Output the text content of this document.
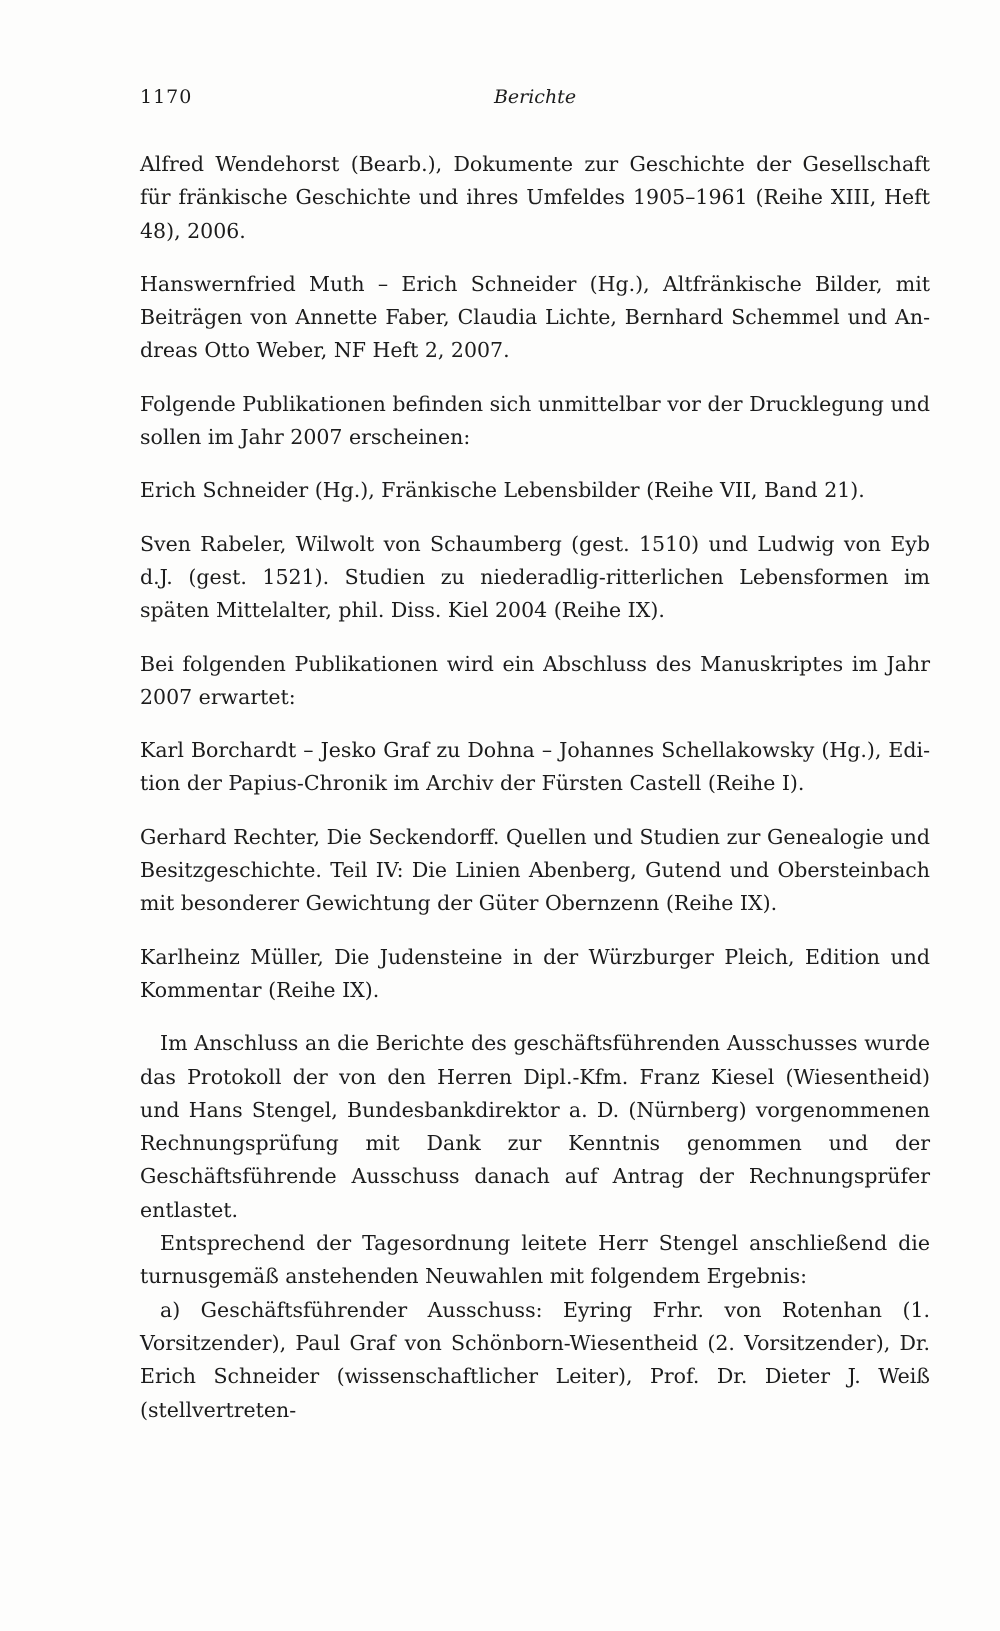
1170	Berichte

Alfred Wendehorst (Bearb.), Dokumente zur Geschichte der Gesellschaft für fränkische Geschichte und ihres Umfeldes 1905–1961 (Reihe XIII, Heft 48), 2006.

Hanswernfried Muth – Erich Schneider (Hg.), Altfränkische Bilder, mit Beiträgen von Annette Faber, Claudia Lichte, Bernhard Schemmel und Andreas Otto Weber, NF Heft 2, 2007.

Folgende Publikationen befinden sich unmittelbar vor der Drucklegung und sollen im Jahr 2007 erscheinen:

Erich Schneider (Hg.), Fränkische Lebensbilder (Reihe VII, Band 21).

Sven Rabeler, Wilwolt von Schaumberg (gest. 1510) und Ludwig von Eyb d.J. (gest. 1521). Studien zu niederadlig-ritterlichen Lebensformen im späten Mittelalter, phil. Diss. Kiel 2004 (Reihe IX).

Bei folgenden Publikationen wird ein Abschluss des Manuskriptes im Jahr 2007 erwartet:

Karl Borchardt – Jesko Graf zu Dohna – Johannes Schellakowsky (Hg.), Edition der Papius-Chronik im Archiv der Fürsten Castell (Reihe I).

Gerhard Rechter, Die Seckendorff. Quellen und Studien zur Genealogie und Besitzgeschichte. Teil IV: Die Linien Abenberg, Gutend und Obersteinbach mit besonderer Gewichtung der Güter Obernzenn (Reihe IX).

Karlheinz Müller, Die Judensteine in der Würzburger Pleich, Edition und Kommentar (Reihe IX).

Im Anschluss an die Berichte des geschäftsführenden Ausschusses wurde das Protokoll der von den Herren Dipl.-Kfm. Franz Kiesel (Wiesentheid) und Hans Stengel, Bundesbankdirektor a. D. (Nürnberg) vorgenommenen Rechnungsprüfung mit Dank zur Kenntnis genommen und der Geschäftsführende Ausschuss danach auf Antrag der Rechnungsprüfer entlastet.

Entsprechend der Tagesordnung leitete Herr Stengel anschließend die turnusgemäß anstehenden Neuwahlen mit folgendem Ergebnis:

a) Geschäftsführender Ausschuss: Eyring Frhr. von Rotenhan (1. Vorsitzender), Paul Graf von Schönborn-Wiesentheid (2. Vorsitzender), Dr. Erich Schneider (wissenschaftlicher Leiter), Prof. Dr. Dieter J. Weiß (stellvertreten-
